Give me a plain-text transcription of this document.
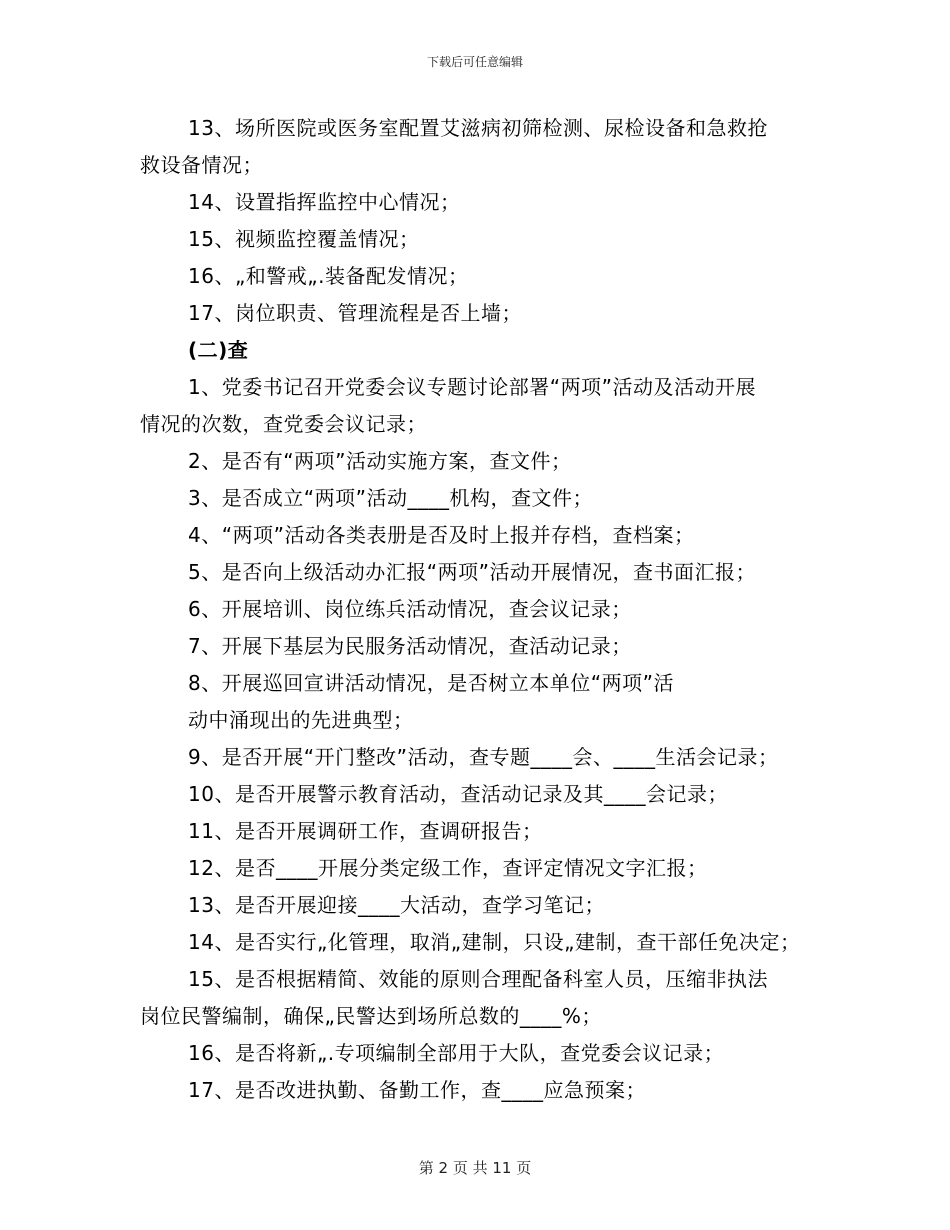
下载后可任意编辑
13、场所医院或医务室配置艾滋病初筛检测、尿检设备和急救抢
救设备情况；
14、设置指挥监控中心情况；
15、视频监控覆盖情况；
16、„和警戒„.装备配发情况；
17、岗位职责、管理流程是否上墙；
(二)查
1、党委书记召开党委会议专题讨论部署“两项”活动及活动开展
情况的次数，查党委会议记录；
2、是否有“两项”活动实施方案，查文件；
3、是否成立“两项”活动____机构，查文件；
4、“两项”活动各类表册是否及时上报并存档，查档案；
5、是否向上级活动办汇报“两项”活动开展情况，查书面汇报；
6、开展培训、岗位练兵活动情况，查会议记录；
7、开展下基层为民服务活动情况，查活动记录；
8、开展巡回宣讲活动情况，是否树立本单位“两项”活
动中涌现出的先进典型；
9、是否开展“开门整改”活动，查专题____会、____生活会记录；
10、是否开展警示教育活动，查活动记录及其____会记录；
11、是否开展调研工作，查调研报告；
12、是否____开展分类定级工作，查评定情况文字汇报；
13、是否开展迎接____大活动，查学习笔记；
14、是否实行„化管理，取消„建制，只设„建制，查干部任免决定；
15、是否根据精简、效能的原则合理配备科室人员，压缩非执法
岗位民警编制，确保„民警达到场所总数的____%；
16、是否将新„.专项编制全部用于大队，查党委会议记录；
17、是否改进执勤、备勤工作，查____应急预案；
第 2 页 共 11 页
